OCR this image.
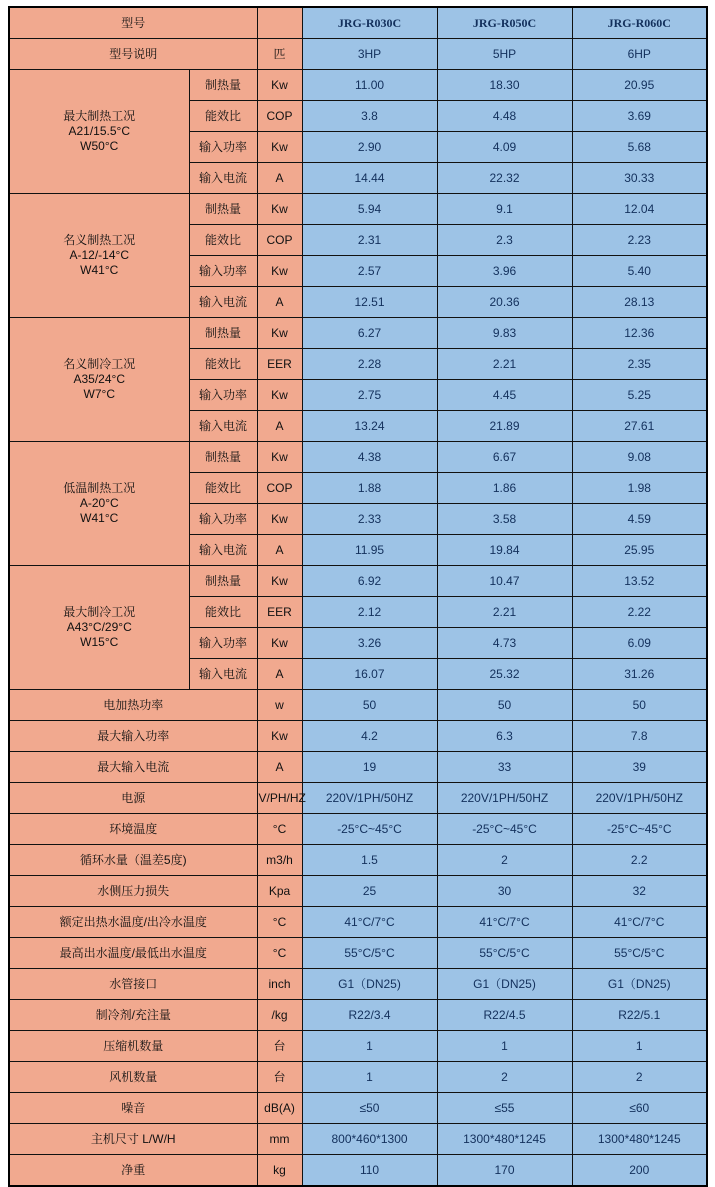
型号			JRG-R030C	JRG-R050C	JRG-R060C
型号说明		匹	3HP	5HP	6HP

最大制热工况
A21/15.5°C
W50°C	制热量	Kw	11.00	18.30	20.95
	能效比	COP	3.8	4.48	3.69
	输入功率	Kw	2.90	4.09	5.68
	输入电流	A	14.44	22.32	30.33

名义制热工况
A-12/-14°C
W41°C	制热量	Kw	5.94	9.1	12.04
	能效比	COP	2.31	2.3	2.23
	输入功率	Kw	2.57	3.96	5.40
	输入电流	A	12.51	20.36	28.13

名义制冷工况
A35/24°C
W7°C	制热量	Kw	6.27	9.83	12.36
	能效比	EER	2.28	2.21	2.35
	输入功率	Kw	2.75	4.45	5.25
	输入电流	A	13.24	21.89	27.61

低温制热工况
A-20°C
W41°C	制热量	Kw	4.38	6.67	9.08
	能效比	COP	1.88	1.86	1.98
	输入功率	Kw	2.33	3.58	4.59
	输入电流	A	11.95	19.84	25.95

最大制冷工况
A43°C/29°C
W15°C	制热量	Kw	6.92	10.47	13.52
	能效比	EER	2.12	2.21	2.22
	输入功率	Kw	3.26	4.73	6.09
	输入电流	A	16.07	25.32	31.26
电加热功率		w	50	50	50
最大输入功率		Kw	4.2	6.3	7.8
最大输入电流		A	19	33	39
电源		V/PH/HZ	220V/1PH/50HZ	220V/1PH/50HZ	220V/1PH/50HZ
环境温度		°C	-25°C~45°C	-25°C~45°C	-25°C~45°C
循环水量（温差5度)		m3/h	1.5	2	2.2
水侧压力损失		Kpa	25	30	32
额定出热水温度/出冷水温度		°C	41°C/7°C	41°C/7°C	41°C/7°C
最高出水温度/最低出水温度		°C	55°C/5°C	55°C/5°C	55°C/5°C
水管接口		inch	G1（DN25)	G1（DN25)	G1（DN25)
制冷剂/充注量		/kg	R22/3.4	R22/4.5	R22/5.1
压缩机数量		台	1	1	1
风机数量		台	1	2	2
噪音		dB(A)	≤50	≤55	≤60
主机尺寸 L/W/H		mm	800*460*1300	1300*480*1245	1300*480*1245
净重		kg	110	170	200
